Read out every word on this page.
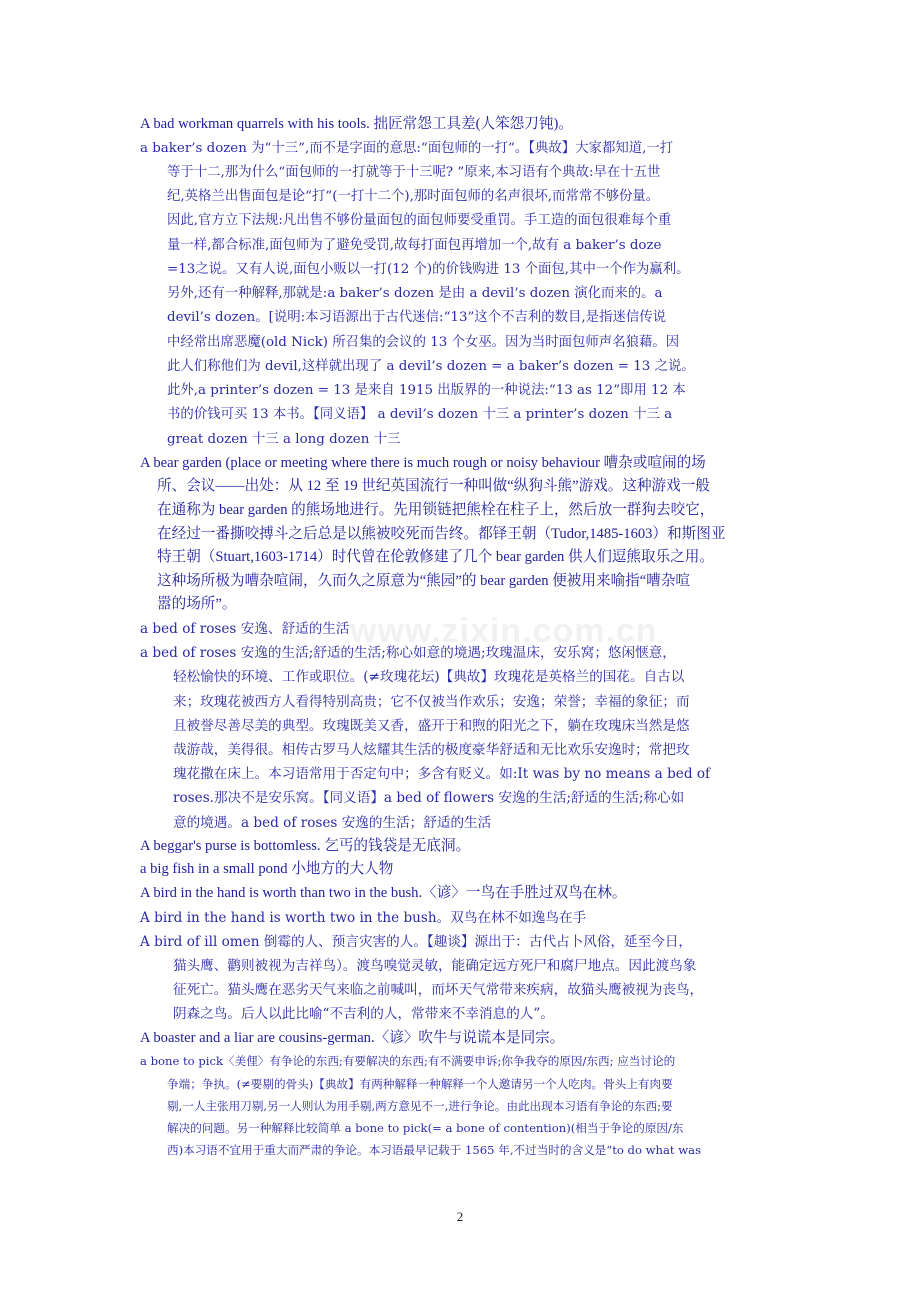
www.zixin.com.cn
A bad workman quarrels with his tools. 拙匠常怨工具差(人笨怨刀钝)。
a baker’s dozen 为“十三”,而不是字面的意思:“面包师的一打”。【典故】大家都知道,一打
等于十二,那为什么“面包师的一打就等于十三呢? ”原来,本习语有个典故:早在十五世
纪,英格兰出售面包是论“打”(一打十二个),那时面包师的名声很坏,而常常不够份量。
因此,官方立下法规:凡出售不够份量面包的面包师要受重罚。手工造的面包很难每个重
量一样,都合标准,面包师为了避免受罚,故每打面包再增加一个,故有 a baker’s doze
=13之说。又有人说,面包小贩以一打(12 个)的价钱购进 13 个面包,其中一个作为赢利。
另外,还有一种解释,那就是:a baker’s dozen 是由 a devil’s dozen 演化而来的。a
devil’s dozen。[说明:本习语源出于古代迷信:“13”这个不吉利的数目,是指迷信传说
中经常出席恶魔(old Nick) 所召集的会议的 13 个女巫。因为当时面包师声名狼藉。因
此人们称他们为 devil,这样就出现了 a devil’s dozen = a baker’s dozen = 13 之说。
此外,a printer’s dozen = 13 是来自 1915 出版界的一种说法:“13 as 12”即用 12 本
书的价钱可买 13 本书。【同义语】 a devil’s dozen 十三 a printer’s dozen 十三 a
great dozen 十三 a long dozen 十三
A bear garden (place or meeting where there is much rough or noisy behaviour 嘈杂或喧闹的场
所、会议——出处：从 12 至 19 世纪英国流行一种叫做“纵狗斗熊”游戏。这种游戏一般
在通称为 bear garden 的熊场地进行。先用锁链把熊栓在柱子上，然后放一群狗去咬它，
在经过一番撕咬搏斗之后总是以熊被咬死而告终。都铎王朝（Tudor,1485-1603）和斯图亚
特王朝（Stuart,1603-1714）时代曾在伦敦修建了几个 bear garden 供人们逗熊取乐之用。
这种场所极为嘈杂喧闹，久而久之原意为“熊园”的 bear garden 便被用来喻指“嘈杂喧
嚣的场所”。
a bed of roses 安逸、舒适的生活
a bed of roses 安逸的生活;舒适的生活;称心如意的境遇;玫瑰温床，安乐窝；悠闲惬意，
轻松愉快的环境、工作或职位。(≠玫瑰花坛)【典故】玫瑰花是英格兰的国花。自古以
来；玫瑰花被西方人看得特别高贵；它不仅被当作欢乐；安逸；荣誉；幸福的象征；而
且被誉尽善尽美的典型。玫瑰既美又香，盛开于和煦的阳光之下，躺在玫瑰床当然是悠
哉游哉，美得很。相传古罗马人炫耀其生活的极度豪华舒适和无比欢乐安逸时；常把玫
瑰花撒在床上。本习语常用于否定句中；多含有贬义。如:It was by no means a bed of
roses.那决不是安乐窝。【同义语】a bed of flowers 安逸的生活;舒适的生活;称心如
意的境遇。a bed of roses 安逸的生活；舒适的生活
A beggar's purse is bottomless. 乞丐的钱袋是无底洞。
a big fish in a small pond 小地方的大人物
A bird in the hand is worth than two in the bush.〈谚〉一鸟在手胜过双鸟在林。
A bird in the hand is worth two in the bush。双鸟在林不如逸鸟在手
A bird of ill omen 倒霉的人、预言灾害的人。【趣谈】源出于：古代占卜风俗，延至今日，
猫头鹰、鹳则被视为吉祥鸟）。渡鸟嗅觉灵敏，能确定远方死尸和腐尸地点。因此渡鸟象
征死亡。猫头鹰在恶劣天气来临之前喊叫，而坏天气常带来疾病，故猫头鹰被视为丧鸟，
阴森之鸟。后人以此比喻“不吉利的人，常带来不幸消息的人”。
A boaster and a liar are cousins-german.〈谚〉吹牛与说谎本是同宗。
a bone to pick〈美俚〉有争论的东西;有要解决的东西;有不满要申诉;你争我夺的原因/东西; 应当讨论的
争端；争执。(≠要剔的骨头)【典故】有两种解释一种解释一个人邀请另一个人吃肉。骨头上有肉要
剔,一人主张用刀剔,另一人则认为用手剔,两方意见不一,进行争论。由此出现本习语有争论的东西;要
解决的问题。另一种解释比较简单 a bone to pick(= a bone of contention)(相当于争论的原因/东
西)本习语不宜用于重大而严肃的争论。本习语最早记载于 1565 年,不过当时的含义是“to do what was
2
